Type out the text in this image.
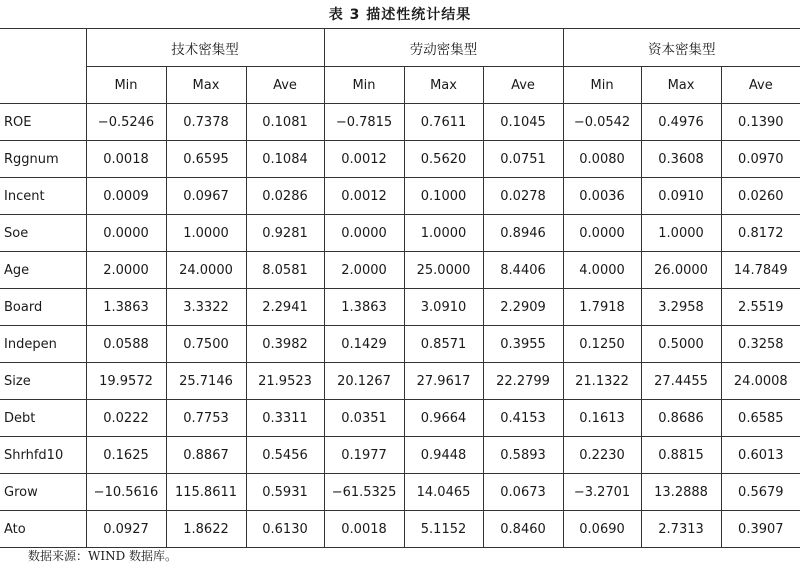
表 3 描述性统计结果
	技术密集型			劳动密集型			资本密集型		
	Min	Max	Ave	Min	Max	Ave	Min	Max	Ave
ROE	−0.5246	0.7378	0.1081	−0.7815	0.7611	0.1045	−0.0542	0.4976	0.1390
Rggnum	0.0018	0.6595	0.1084	0.0012	0.5620	0.0751	0.0080	0.3608	0.0970
Incent	0.0009	0.0967	0.0286	0.0012	0.1000	0.0278	0.0036	0.0910	0.0260
Soe	0.0000	1.0000	0.9281	0.0000	1.0000	0.8946	0.0000	1.0000	0.8172
Age	2.0000	24.0000	8.0581	2.0000	25.0000	8.4406	4.0000	26.0000	14.7849
Board	1.3863	3.3322	2.2941	1.3863	3.0910	2.2909	1.7918	3.2958	2.5519
Indepen	0.0588	0.7500	0.3982	0.1429	0.8571	0.3955	0.1250	0.5000	0.3258
Size	19.9572	25.7146	21.9523	20.1267	27.9617	22.2799	21.1322	27.4455	24.0008
Debt	0.0222	0.7753	0.3311	0.0351	0.9664	0.4153	0.1613	0.8686	0.6585
Shrhfd10	0.1625	0.8867	0.5456	0.1977	0.9448	0.5893	0.2230	0.8815	0.6013
Grow	−10.5616	115.8611	0.5931	−61.5325	14.0465	0.0673	−3.2701	13.2888	0.5679
Ato	0.0927	1.8622	0.6130	0.0018	5.1152	0.8460	0.0690	2.7313	0.3907
数据来源：WIND 数据库。
